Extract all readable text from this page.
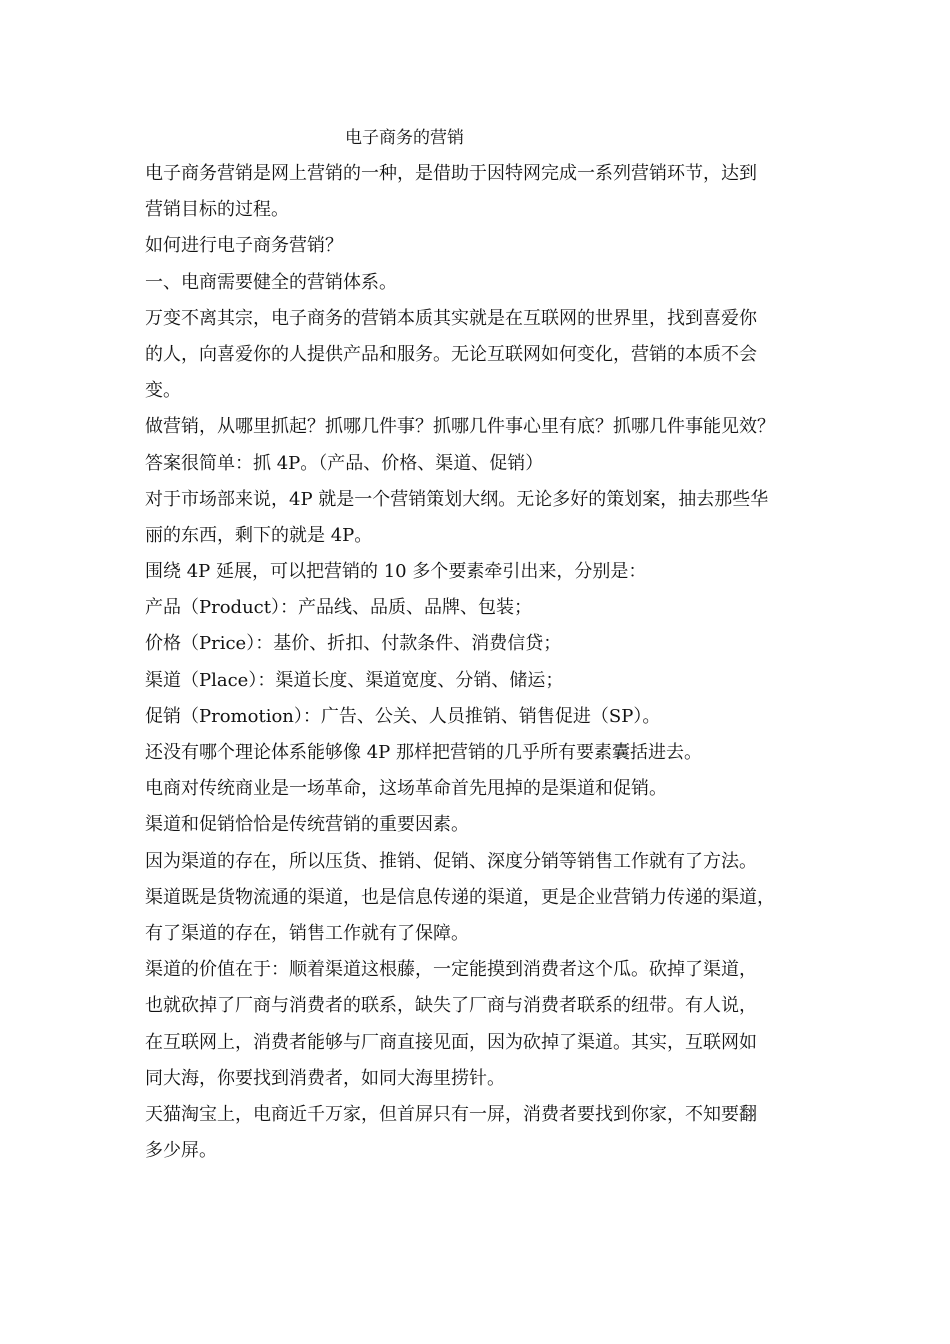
电子商务的营销
电子商务营销是网上营销的一种，是借助于因特网完成一系列营销环节，达到
营销目标的过程。
如何进行电子商务营销？
一、电商需要健全的营销体系。
万变不离其宗，电子商务的营销本质其实就是在互联网的世界里，找到喜爱你
的人，向喜爱你的人提供产品和服务。无论互联网如何变化，营销的本质不会
变。
做营销，从哪里抓起？抓哪几件事？抓哪几件事心里有底？抓哪几件事能见效？
答案很简单：抓 4P。（产品、价格、渠道、促销）
对于市场部来说，4P 就是一个营销策划大纲。无论多好的策划案，抽去那些华
丽的东西，剩下的就是 4P。
围绕 4P 延展，可以把营销的 10 多个要素牵引出来，分别是：
产品（Product）：产品线、品质、品牌、包装；
价格（Price）：基价、折扣、付款条件、消费信贷；
渠道（Place）：渠道长度、渠道宽度、分销、储运；
促销（Promotion）：广告、公关、人员推销、销售促进（SP）。
还没有哪个理论体系能够像 4P 那样把营销的几乎所有要素囊括进去。
电商对传统商业是一场革命，这场革命首先甩掉的是渠道和促销。
渠道和促销恰恰是传统营销的重要因素。
因为渠道的存在，所以压货、推销、促销、深度分销等销售工作就有了方法。
渠道既是货物流通的渠道，也是信息传递的渠道，更是企业营销力传递的渠道，
有了渠道的存在，销售工作就有了保障。
渠道的价值在于：顺着渠道这根藤，一定能摸到消费者这个瓜。砍掉了渠道，
也就砍掉了厂商与消费者的联系，缺失了厂商与消费者联系的纽带。有人说，
在互联网上，消费者能够与厂商直接见面，因为砍掉了渠道。其实，互联网如
同大海，你要找到消费者，如同大海里捞针。
天猫淘宝上，电商近千万家，但首屏只有一屏，消费者要找到你家，不知要翻
多少屏。
